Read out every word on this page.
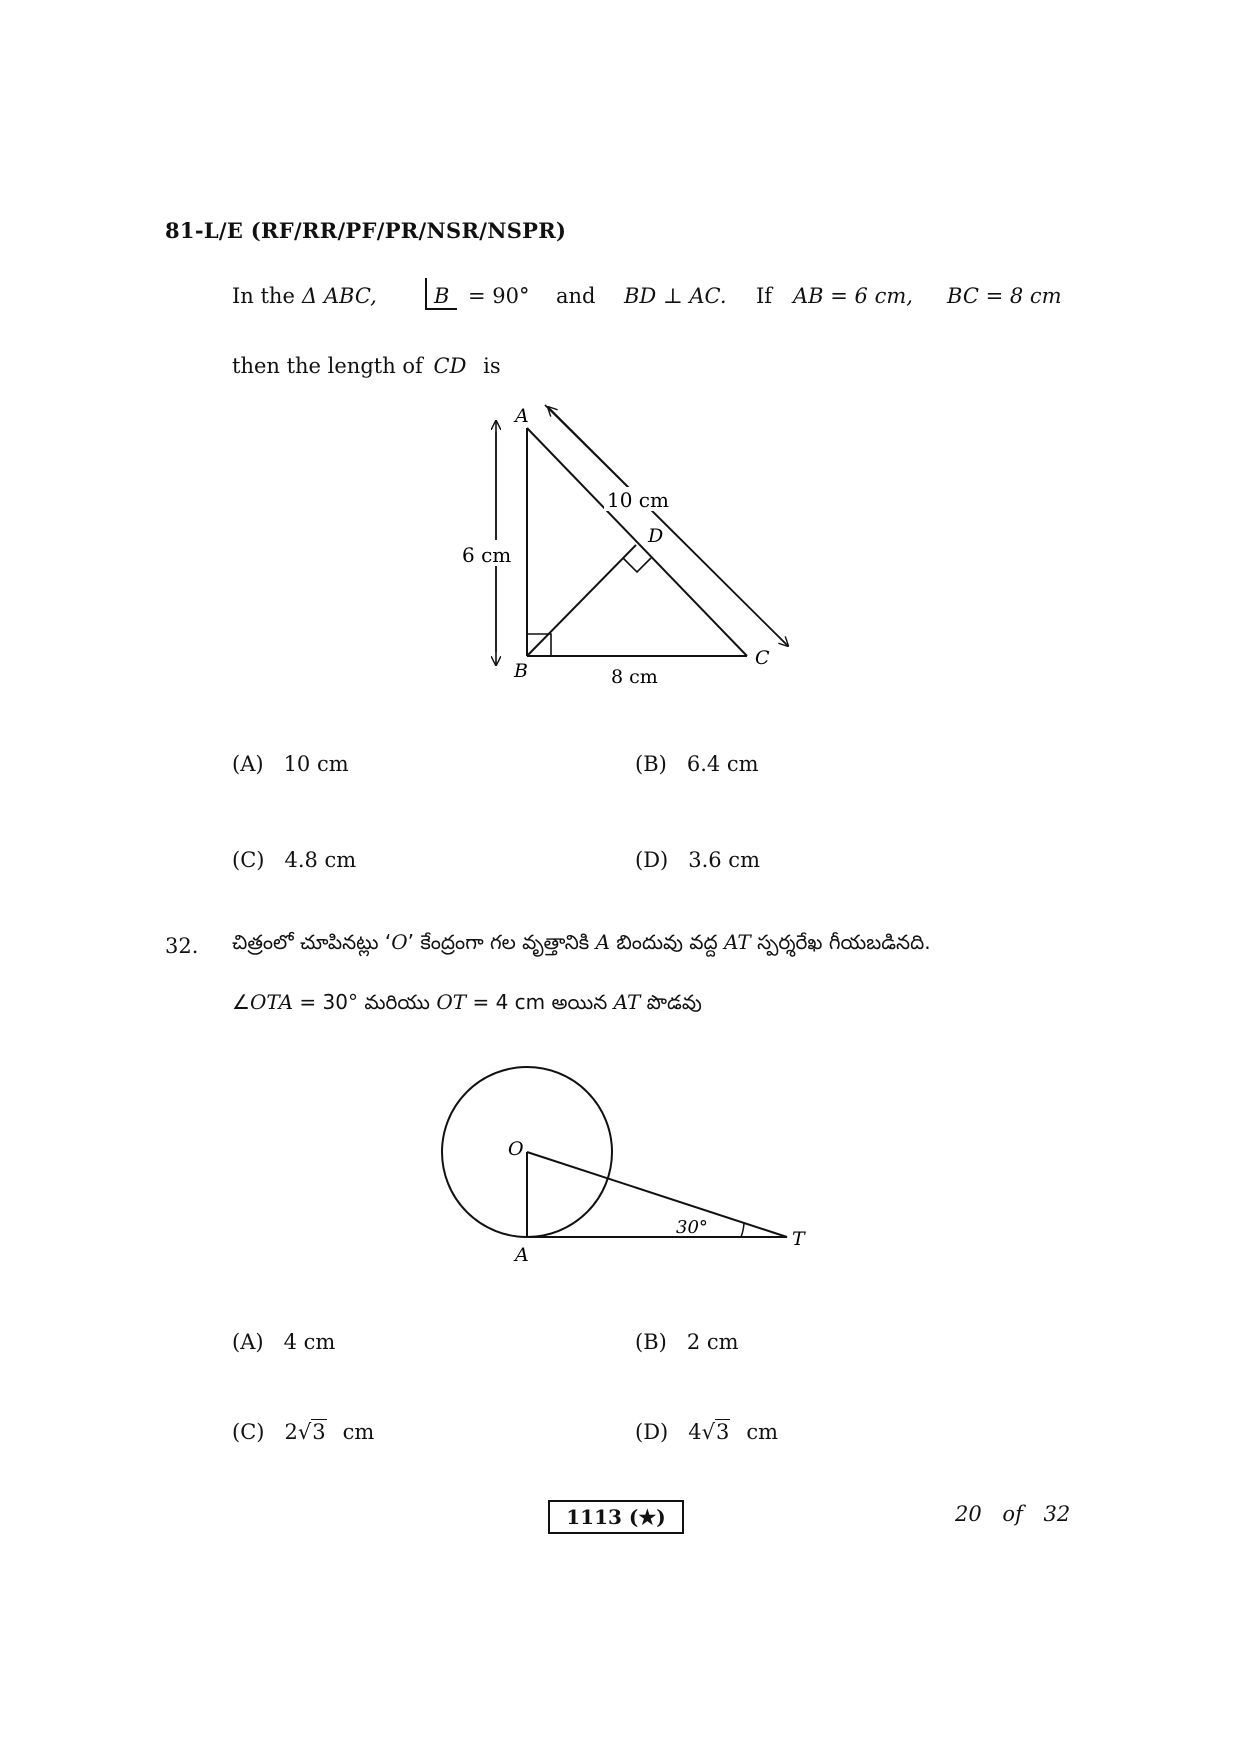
81-L/E (RF/RR/PF/PR/NSR/NSPR)
In the Δ ABC,	B = 90° and BD ⊥ AC. If AB = 6 cm, BC = 8 cm
then the length of CD is
A
B
C
D
10 cm
6 cm
8 cm
(A) 10 cm	(B) 6.4 cm
(C) 4.8 cm	(D) 3.6 cm
32. చిత్రంలో చూపినట్లు ‘O’ కేంద్రంగా గల వృత్తానికి A బిందువు వద్ద AT స్పర్శరేఖ గీయబడినది.
∠OTA = 30° మరియు OT = 4 cm అయిన AT పొడవు
O
A
T
30°
(A) 4 cm	(B) 2 cm
(C) 2√3 cm	(D) 4√3 cm
1113 (★)	20 of 32
